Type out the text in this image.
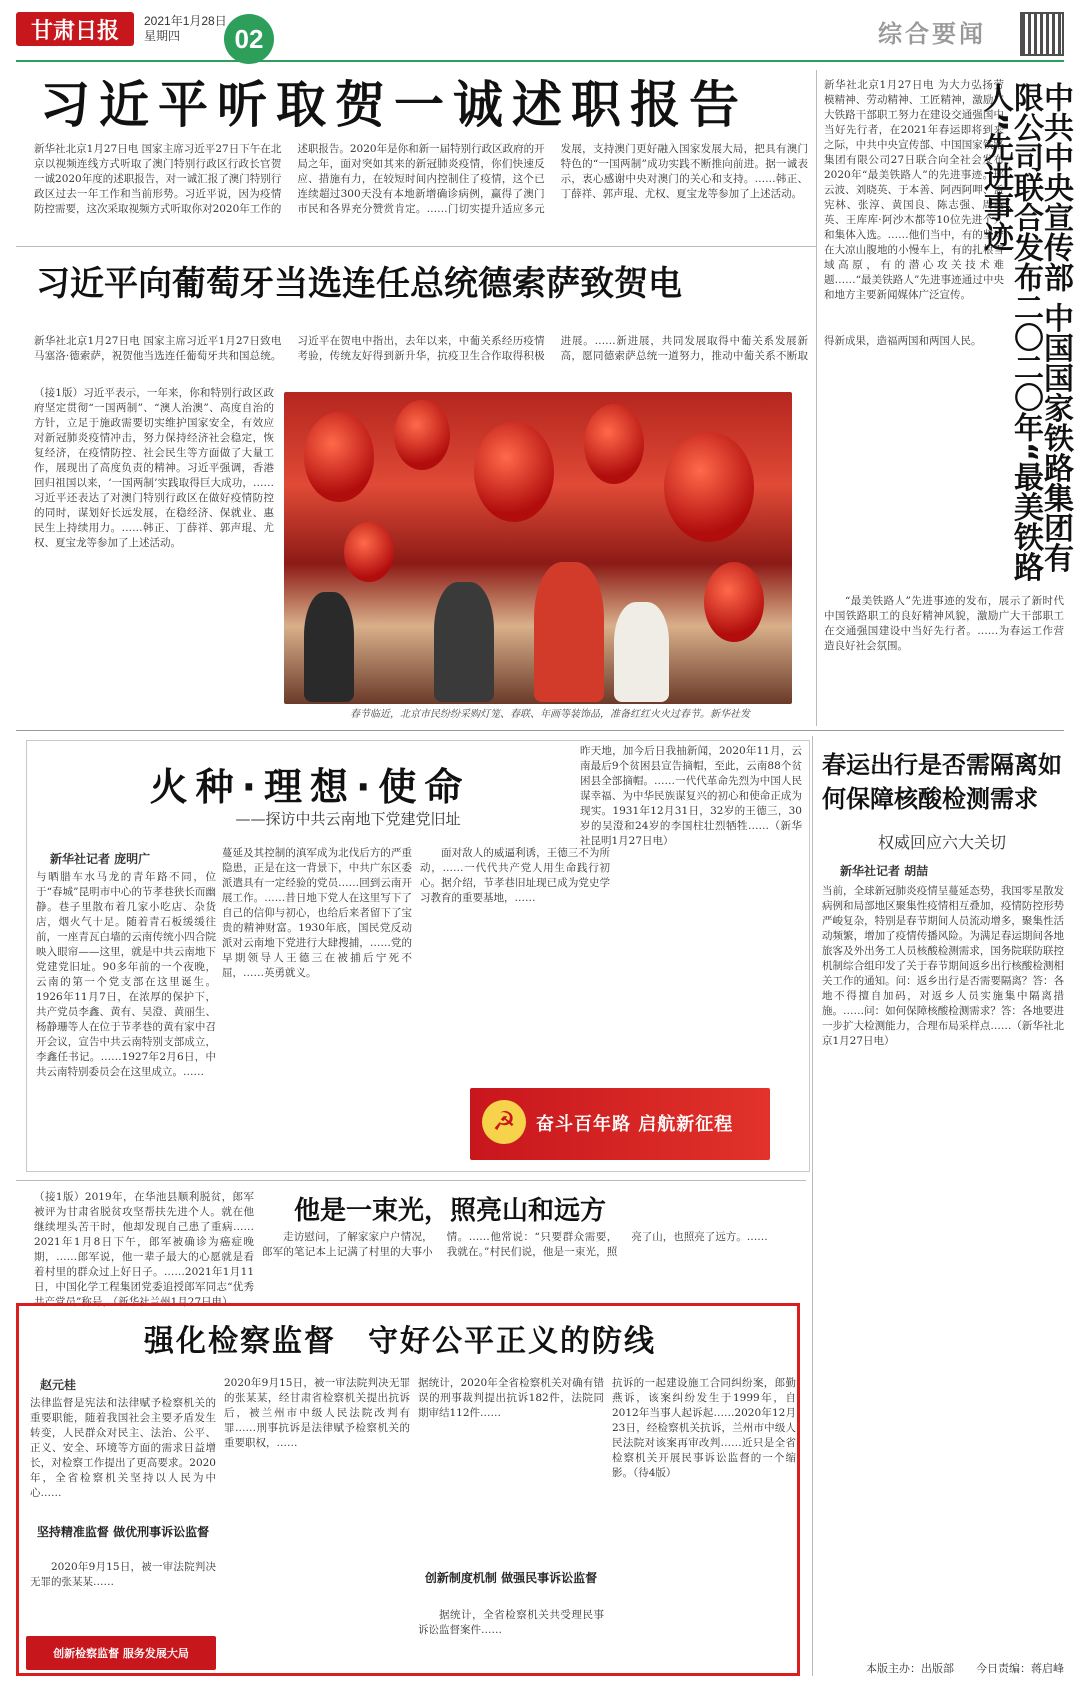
甘肃日报	2021年1月28日
星期四	02	综合要闻
习近平听取贺一诚述职报告
新华社北京1月27日电 国家主席习近平27日下午在北京以视频连线方式听取了澳门特别行政区行政长官贺一诚2020年度的述职报告，对一诚汇报了澳门特别行政区过去一年工作和当前形势。习近平说，因为疫情防控需要，这次采取视频方式听取你对2020年工作的述职报告。2020年是你和新一届特别行政区政府的开局之年，面对突如其来的新冠肺炎疫情，你们快速反应、措施有力，在较短时间内控制住了疫情，这个已连续超过300天没有本地新增确诊病例，赢得了澳门市民和各界充分赞赏肯定。……门切实提升适应多元发展，支持澳门更好融入国家发展大局，把具有澳门特色的“一国两制”成功实践不断推向前进。据一诚表示，衷心感谢中央对澳门的关心和支持。……韩正、丁薛祥、郭声琨、尤权、夏宝龙等参加了上述活动。
习近平向葡萄牙当选连任总统德索萨致贺电
新华社北京1月27日电 国家主席习近平1月27日致电马塞洛·德索萨，祝贺他当选连任葡萄牙共和国总统。习近平在贺电中指出，去年以来，中葡关系经历疫情考验，传统友好得到新升华，抗疫卫生合作取得积极进展。……新进展，共同发展取得中葡关系发展新高，愿同德索萨总统一道努力，推动中葡关系不断取得新成果，造福两国和两国人民。
（接1版）习近平表示，一年来，你和特别行政区政府坚定贯彻“一国两制”、“澳人治澳”、高度自治的方针，立足于施政需要切实维护国家安全，有效应对新冠肺炎疫情冲击，努力保持经济社会稳定，恢复经济，在疫情防控、社会民生等方面做了大量工作，展现出了高度负责的精神。习近平强调，香港回归祖国以来，‘一国两制’实践取得巨大成功，……习近平还表达了对澳门特别行政区在做好疫情防控的同时，谋划好长远发展，在稳经济、保就业、惠民生上持续用力。……韩正、丁薛祥、郭声琨、尤权、夏宝龙等参加了上述活动。
春节临近，北京市民纷纷采购灯笼、春联、年画等装饰品，准备红红火火过春节。新华社发
新华社北京1月27日电 为大力弘扬劳模精神、劳动精神、工匠精神，激励广大铁路干部职工努力在建设交通强国中当好先行者，在2021年春运即将到来之际，中共中央宣传部、中国国家铁路集团有限公司27日联合向全社会发布2020年“最美铁路人”的先进事迹。邢云波、刘晓英、于本善、阿西阿呷、孟宪林、张淳、黄国良、陈志强、周英英、王库库·阿沙木都等10位先进个人和集体入选。……他们当中，有的坚守在大凉山腹地的小慢车上，有的扎根雪域高原，有的潜心攻关技术难题……“最美铁路人”先进事迹通过中央和地方主要新闻媒体广泛宣传。	中共中央宣传部 中国国家铁路集团有限公司联合发布二〇二〇年“最美铁路人”先进事迹

“最美铁路人”先进事迹的发布，展示了新时代中国铁路职工的良好精神风貌，激励广大干部职工在交通强国建设中当好先行者。……为春运工作营造良好社会氛围。

火种·理想·使命
——探访中共云南地下党建党旧址
新华社记者 庞明广
与晒腊车水马龙的青年路不同，位于“春城”昆明市中心的节孝巷狭长而幽静。巷子里散布着几家小吃店、杂货店，烟火气十足。随着青石板缓缓往前，一座青瓦白墙的云南传统小四合院映入眼帘——这里，就是中共云南地下党建党旧址。90多年前的一个夜晚，云南的第一个党支部在这里诞生。1926年11月7日，在浓厚的保护下，共产党员李鑫、黄有、吴澄、黄丽生、杨静珊等人在位于节孝巷的黄有家中召开会议，宣告中共云南特别支部成立，李鑫任书记。……1927年2月6日，中共云南特别委员会在这里成立。……
蔓延及其控制的滇军成为北伐后方的严重隐患，正是在这一背景下，中共广东区委派遣具有一定经验的党员……回到云南开展工作。……昔日地下党人在这里写下了自己的信仰与初心，也给后来者留下了宝贵的精神财富。1930年底，国民党反动派对云南地下党进行大肆搜捕，……党的早期领导人王德三在被捕后宁死不屈，……英勇就义。

面对敌人的威逼利诱，王德三不为所动，……一代代共产党人用生命践行初心。据介绍，节孝巷旧址现已成为党史学习教育的重要基地，……

昨天地，加今后日我抽新闻，2020年11月，云南最后9个贫困县宣告摘帽，至此，云南88个贫困县全部摘帽。……一代代革命先烈为中国人民谋幸福、为中华民族谋复兴的初心和使命正成为现实。1931年12月31日，32岁的王德三，30岁的吴澄和24岁的李国柱壮烈牺牲……（新华社昆明1月27日电）
☭	奋斗百年路 启航新征程
春运出行是否需隔离如何保障核酸检测需求
权威回应六大关切
新华社记者 胡喆
当前，全球新冠肺炎疫情呈蔓延态势，我国零星散发病例和局部地区聚集性疫情相互叠加，疫情防控形势严峻复杂，特别是春节期间人员流动增多，聚集性活动频繁，增加了疫情传播风险。为满足春运期间各地旅客及外出务工人员核酸检测需求，国务院联防联控机制综合组印发了关于春节期间返乡出行核酸检测相关工作的通知。问：返乡出行是否需要隔离？答：各地不得擅自加码，对返乡人员实施集中隔离措施。……问：如何保障核酸检测需求？答：各地要进一步扩大检测能力，合理布局采样点……（新华社北京1月27日电）
他是一束光，照亮山和远方
（接1版）2019年，在华池县顺利脱贫，郎军被评为甘肃省脱贫攻坚帮扶先进个人。就在他继续埋头苦干时，他却发现自己患了重病……2021年1月8日下午，郎军被确诊为癌症晚期，……郎军说，他一辈子最大的心愿就是看着村里的群众过上好日子。……2021年1月11日，中国化学工程集团党委追授郎军同志“优秀共产党员”称号。（新华社兰州1月27日电）

走访慰问，了解家家户户情况，郎军的笔记本上记满了村里的大事小情。……他常说：“只要群众需要，我就在。”村民们说，他是一束光，照亮了山，也照亮了远方。……

强化检察监督　守好公平正义的防线
赵元桂
法律监督是宪法和法律赋予检察机关的重要职能，随着我国社会主要矛盾发生转变，人民群众对民主、法治、公平、正义、安全、环境等方面的需求日益增长，对检察工作提出了更高要求。2020年，全省检察机关坚持以人民为中心……
坚持精准监督 做优刑事诉讼监督

2020年9月15日，被一审法院判决无罪的张某某……

创新检察监督 服务发展大局
2020年9月15日，被一审法院判决无罪的张某某，经甘肃省检察机关提出抗诉后，被兰州市中级人民法院改判有罪……刑事抗诉是法律赋予检察机关的重要职权，……
据统计，2020年全省检察机关对确有错误的刑事裁判提出抗诉182件，法院同期审结112件……
创新制度机制 做强民事诉讼监督

据统计，全省检察机关共受理民事诉讼监督案件……

抗诉的一起建设施工合同纠纷案，郎勤燕诉，该案纠纷发生于1999年，自2012年当事人起诉起……2020年12月23日，经检察机关抗诉，兰州市中级人民法院对该案再审改判……近只是全省检察机关开展民事诉讼监督的一个缩影。（待4版）
本版主办：出版部　　今日责编：蒋启峰
